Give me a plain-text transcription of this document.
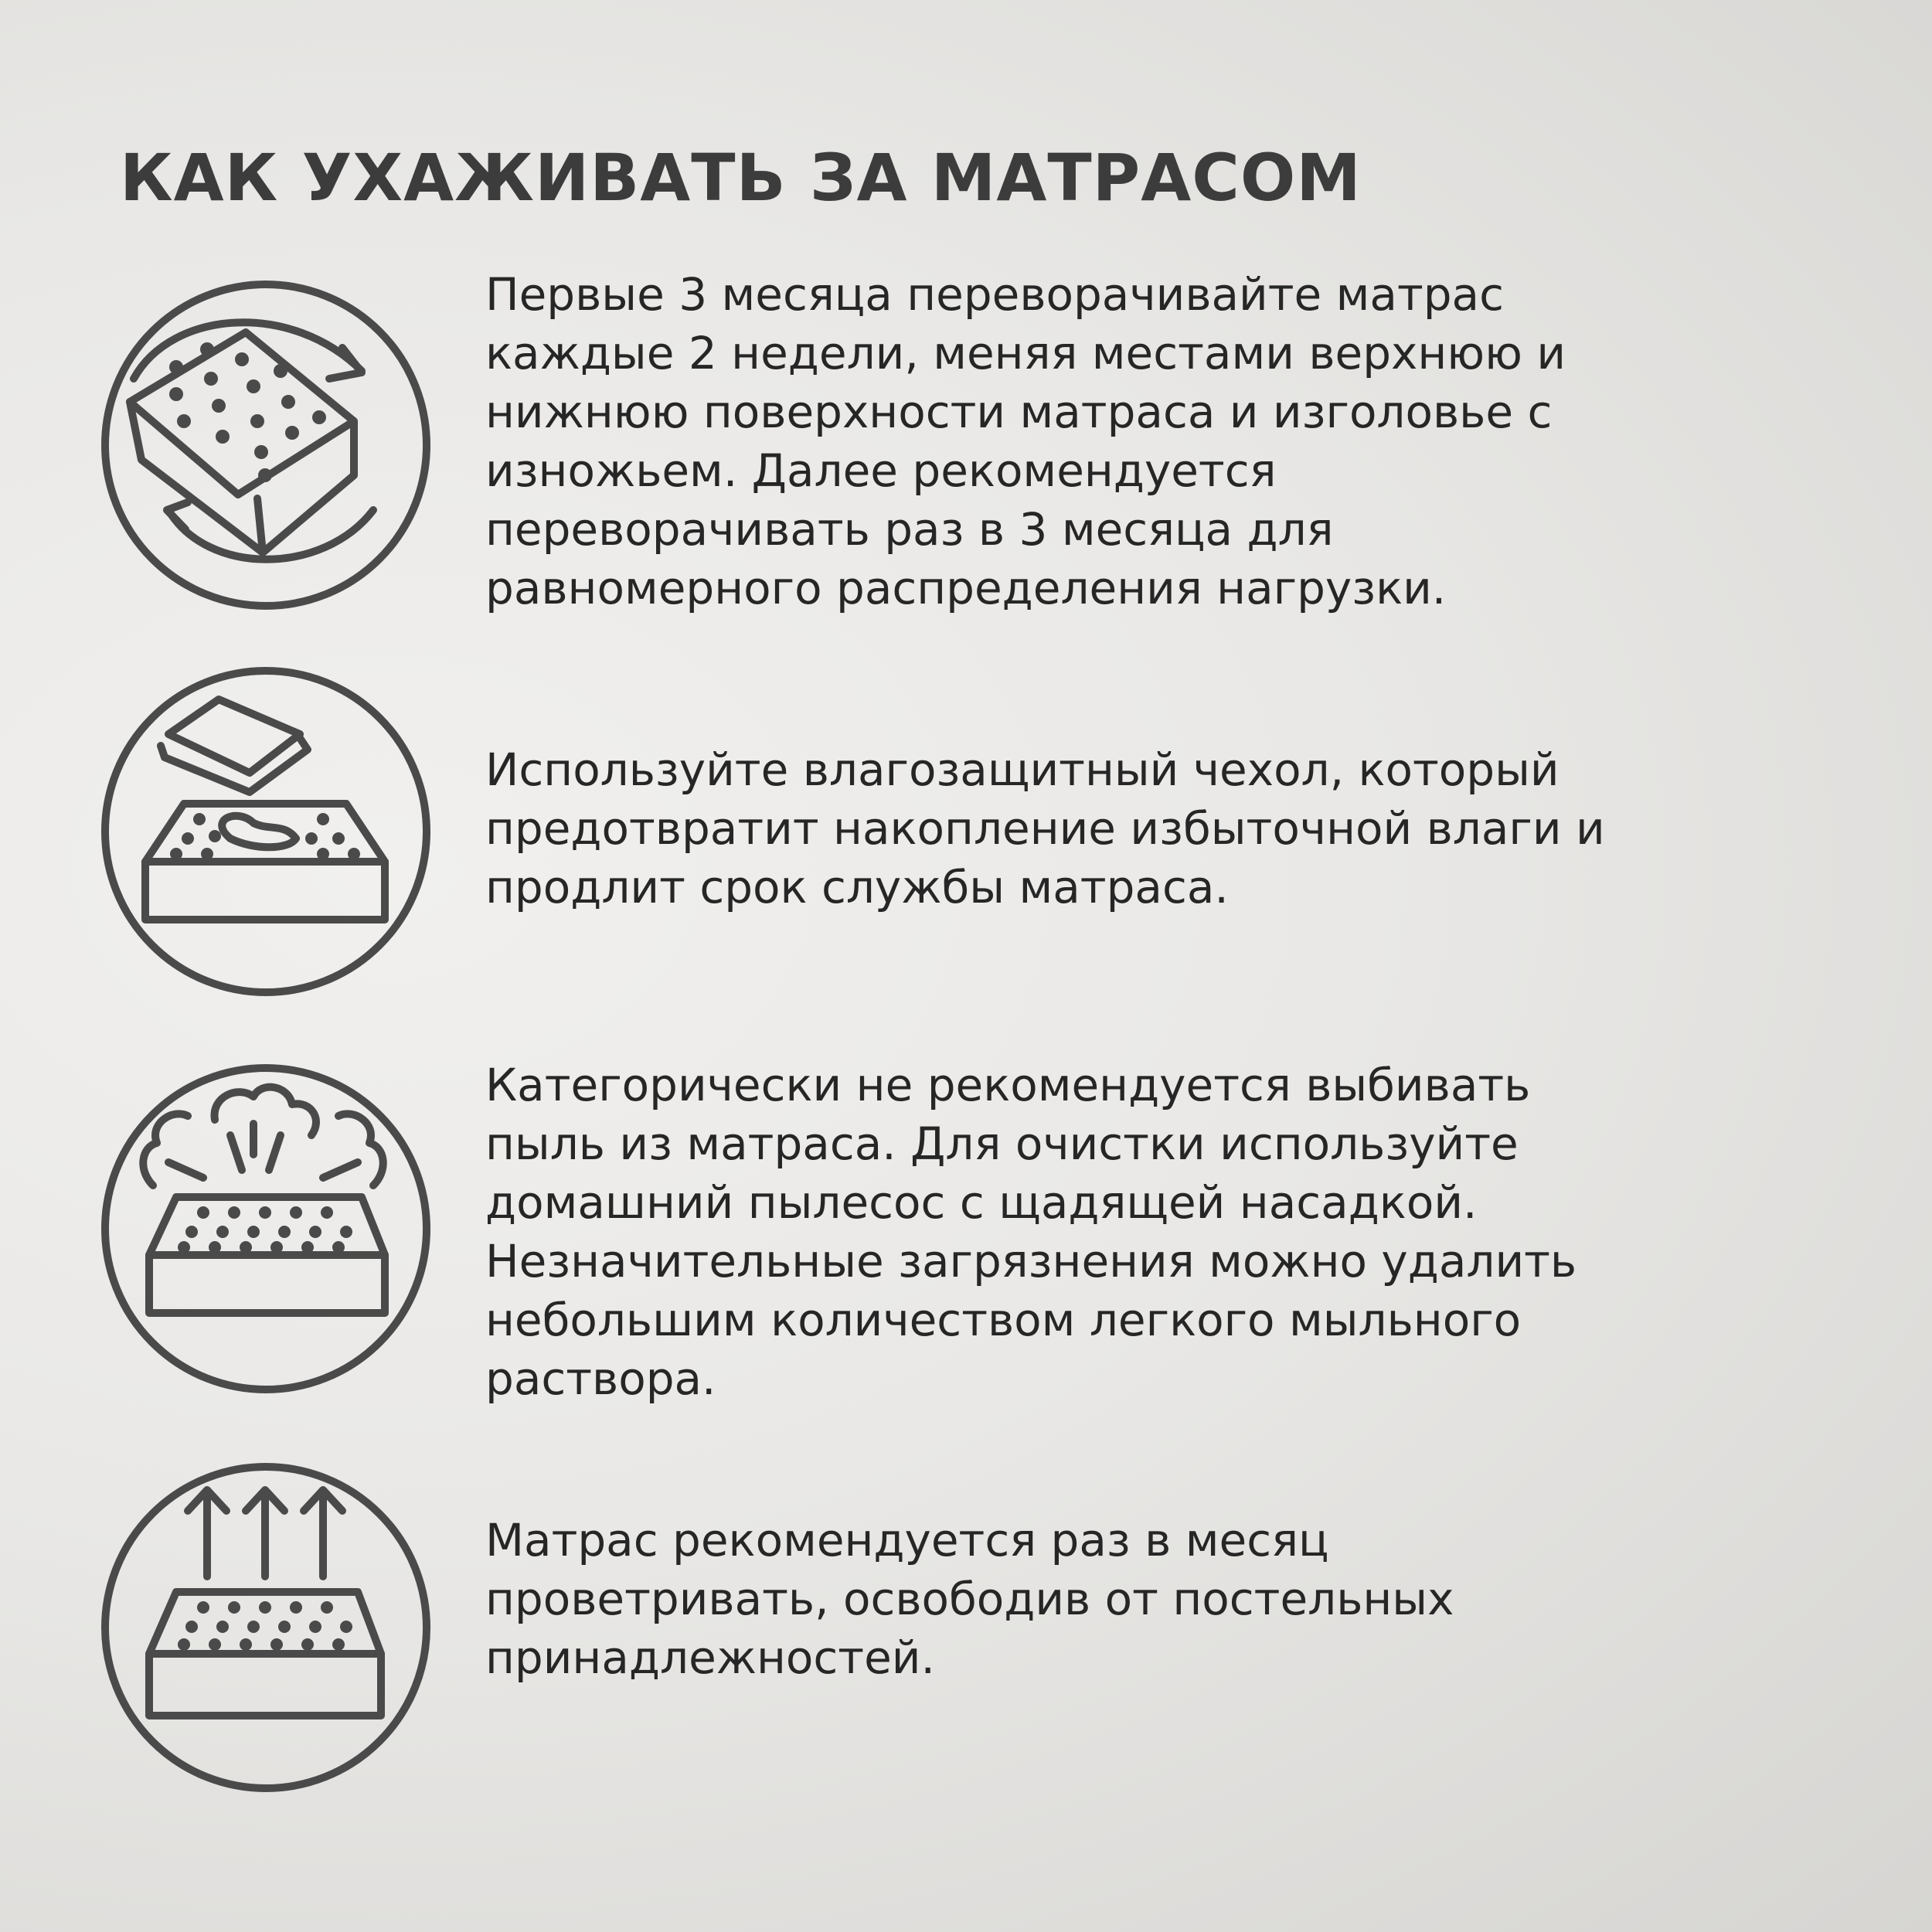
КАК УХАЖИВАТЬ ЗА МАТРАСОМ

Первые 3 месяца переворачивайте матрас
каждые 2 недели, меняя местами верхнюю и
нижнюю поверхности матраса и изголовье с
изножьем. Далее рекомендуется
переворачивать раз в 3 месяца для
равномерного распределения нагрузки.

Используйте влагозащитный чехол, который
предотвратит накопление избыточной влаги и
продлит срок службы матраса.

Категорически не рекомендуется выбивать
пыль из матраса. Для очистки используйте
домашний пылесос с щадящей насадкой.
Незначительные загрязнения можно удалить
небольшим количеством легкого мыльного
раствора.

Матрас рекомендуется раз в месяц
проветривать, освободив от постельных
принадлежностей.
